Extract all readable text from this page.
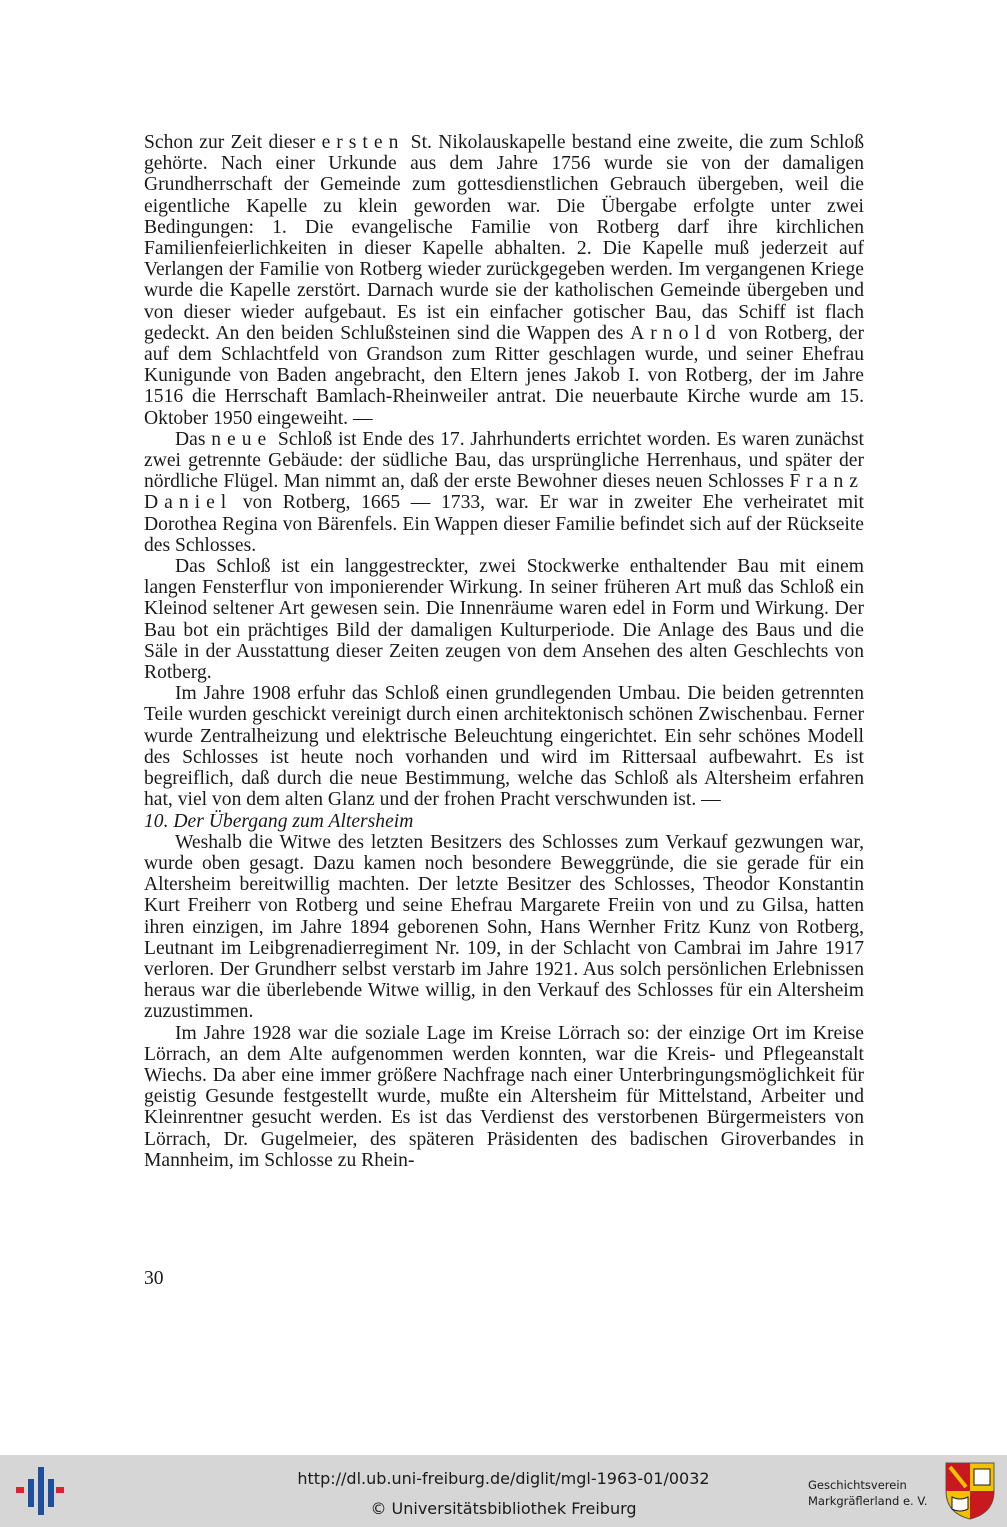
Schon zur Zeit dieser ersten St. Nikolauskapelle bestand eine zweite, die zum Schloß gehörte. Nach einer Urkunde aus dem Jahre 1756 wurde sie von der damaligen Grundherrschaft der Gemeinde zum gottesdienstlichen Gebrauch übergeben, weil die eigentliche Kapelle zu klein geworden war. Die Übergabe erfolgte unter zwei Bedingungen: 1. Die evangelische Familie von Rotberg darf ihre kirchlichen Familienfeierlichkeiten in dieser Kapelle abhalten. 2. Die Kapelle muß jederzeit auf Verlangen der Familie von Rotberg wieder zurückgegeben werden. Im vergangenen Kriege wurde die Kapelle zerstört. Darnach wurde sie der katholischen Gemeinde übergeben und von dieser wieder aufgebaut. Es ist ein einfacher gotischer Bau, das Schiff ist flach gedeckt. An den beiden Schlußsteinen sind die Wappen des Arnold von Rotberg, der auf dem Schlachtfeld von Grandson zum Ritter geschlagen wurde, und seiner Ehefrau Kunigunde von Baden angebracht, den Eltern jenes Jakob I. von Rotberg, der im Jahre 1516 die Herrschaft Bamlach-Rheinweiler antrat. Die neuerbaute Kirche wurde am 15. Oktober 1950 eingeweiht. —

Das neue Schloß ist Ende des 17. Jahrhunderts errichtet worden. Es waren zunächst zwei getrennte Gebäude: der südliche Bau, das ursprüngliche Herrenhaus, und später der nördliche Flügel. Man nimmt an, daß der erste Bewohner dieses neuen Schlosses Franz Daniel von Rotberg, 1665 — 1733, war. Er war in zweiter Ehe verheiratet mit Dorothea Regina von Bärenfels. Ein Wappen dieser Familie befindet sich auf der Rückseite des Schlosses.

Das Schloß ist ein langgestreckter, zwei Stockwerke enthaltender Bau mit einem langen Fensterflur von imponierender Wirkung. In seiner früheren Art muß das Schloß ein Kleinod seltener Art gewesen sein. Die Innenräume waren edel in Form und Wirkung. Der Bau bot ein prächtiges Bild der damaligen Kulturperiode. Die Anlage des Baus und die Säle in der Ausstattung dieser Zeiten zeugen von dem Ansehen des alten Geschlechts von Rotberg.

Im Jahre 1908 erfuhr das Schloß einen grundlegenden Umbau. Die beiden getrennten Teile wurden geschickt vereinigt durch einen architektonisch schönen Zwischenbau. Ferner wurde Zentralheizung und elektrische Beleuchtung eingerichtet. Ein sehr schönes Modell des Schlosses ist heute noch vorhanden und wird im Rittersaal aufbewahrt. Es ist begreiflich, daß durch die neue Bestimmung, welche das Schloß als Altersheim erfahren hat, viel von dem alten Glanz und der frohen Pracht verschwunden ist. —

10. Der Übergang zum Altersheim

Weshalb die Witwe des letzten Besitzers des Schlosses zum Verkauf gezwungen war, wurde oben gesagt. Dazu kamen noch besondere Beweggründe, die sie gerade für ein Altersheim bereitwillig machten. Der letzte Besitzer des Schlosses, Theodor Konstantin Kurt Freiherr von Rotberg und seine Ehefrau Margarete Freiin von und zu Gilsa, hatten ihren einzigen, im Jahre 1894 geborenen Sohn, Hans Wernher Fritz Kunz von Rotberg, Leutnant im Leibgrenadierregiment Nr. 109, in der Schlacht von Cambrai im Jahre 1917 verloren. Der Grundherr selbst verstarb im Jahre 1921. Aus solch persönlichen Erlebnissen heraus war die überlebende Witwe willig, in den Verkauf des Schlosses für ein Altersheim zuzustimmen.

Im Jahre 1928 war die soziale Lage im Kreise Lörrach so: der einzige Ort im Kreise Lörrach, an dem Alte aufgenommen werden konnten, war die Kreis- und Pflegeanstalt Wiechs. Da aber eine immer größere Nachfrage nach einer Unterbringungsmöglichkeit für geistig Gesunde festgestellt wurde, mußte ein Altersheim für Mittelstand, Arbeiter und Kleinrentner gesucht werden. Es ist das Verdienst des verstorbenen Bürgermeisters von Lörrach, Dr. Gugelmeier, des späteren Präsidenten des badischen Giroverbandes in Mannheim, im Schlosse zu Rhein-

30
http://dl.ub.uni-freiburg.de/diglit/mgl-1963-01/0032
© Universitätsbibliothek Freiburg
Geschichtsverein
Markgräflerland e. V.
